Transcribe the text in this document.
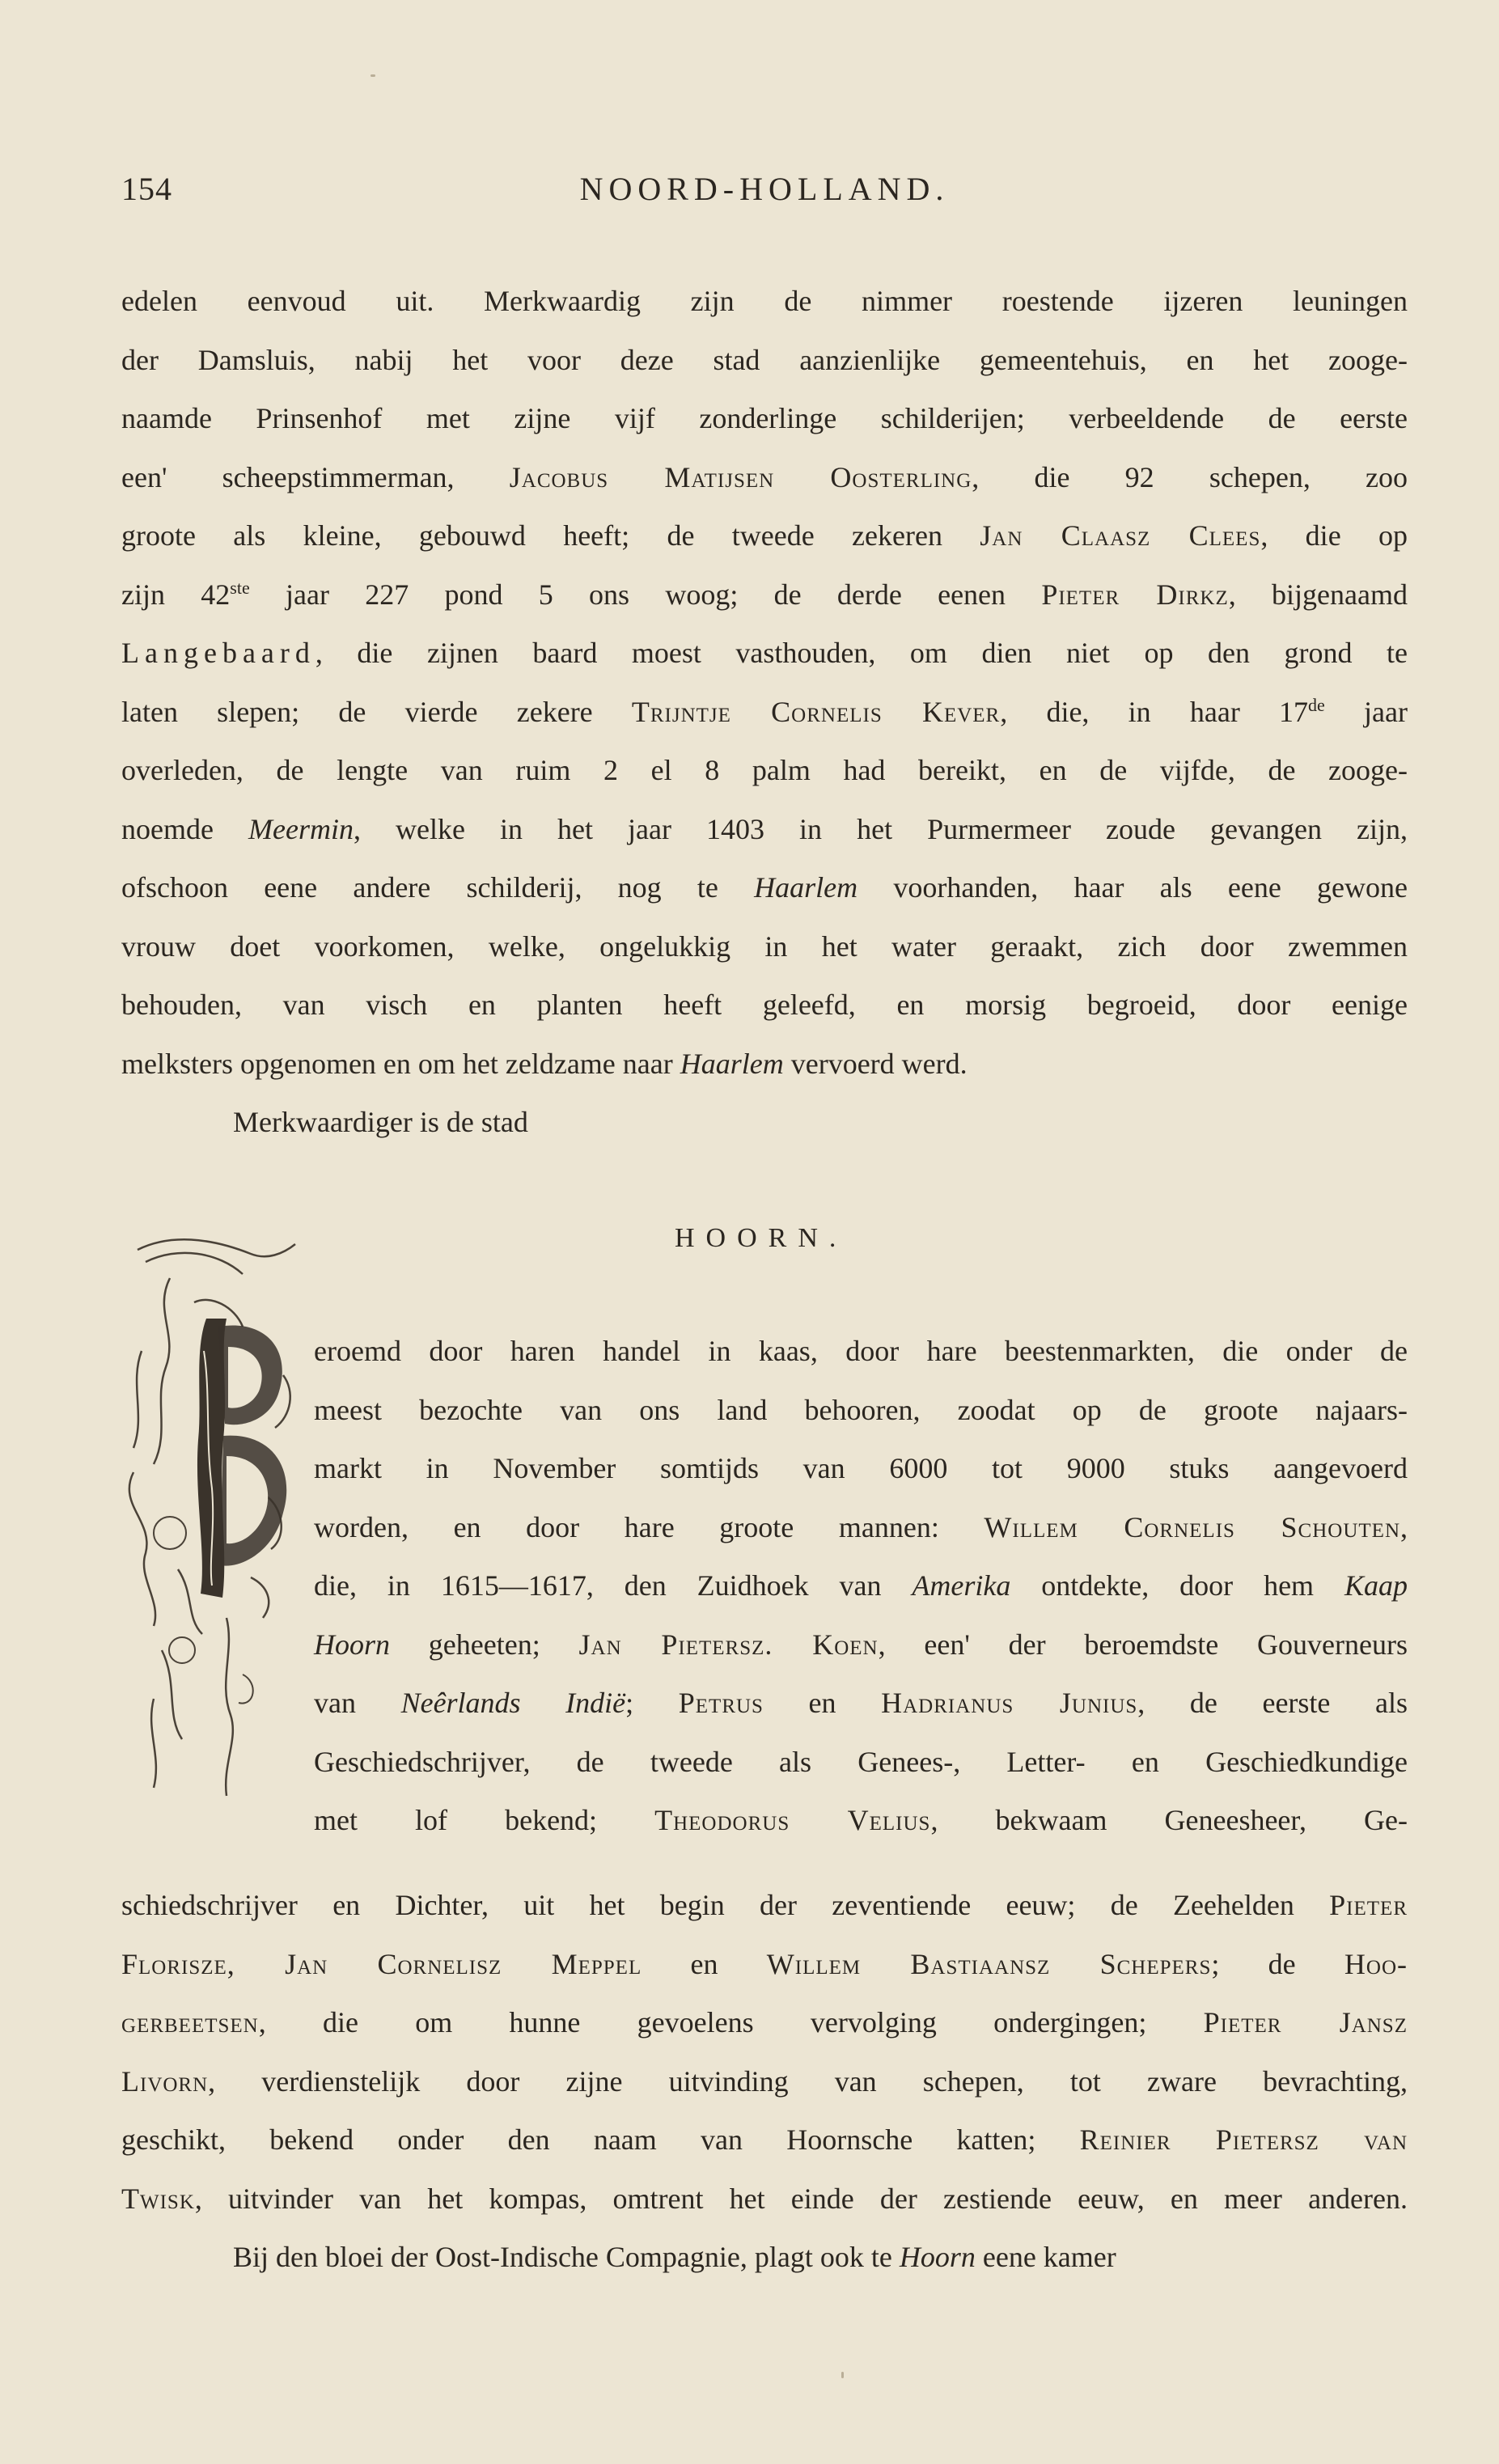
154	NOORD-HOLLAND.
edelen eenvoud uit. Merkwaardig zijn de nimmer roestende ijzeren leuningen
der Damsluis, nabij het voor deze stad aanzienlijke gemeentehuis, en het zooge-
naamde Prinsenhof met zijne vijf zonderlinge schilderijen; verbeeldende de eerste
een' scheepstimmerman, Jacobus Matijsen Oosterling, die 92 schepen, zoo
groote als kleine, gebouwd heeft; de tweede zekeren Jan Claasz Clees, die op
zijn 42ste jaar 227 pond 5 ons woog; de derde eenen Pieter Dirkz, bijgenaamd
Langebaard, die zijnen baard moest vasthouden, om dien niet op den grond te
laten slepen; de vierde zekere Trijntje Cornelis Kever, die, in haar 17de jaar
overleden, de lengte van ruim 2 el 8 palm had bereikt, en de vijfde, de zooge-
noemde Meermin, welke in het jaar 1403 in het Purmermeer zoude gevangen zijn,
ofschoon eene andere schilderij, nog te Haarlem voorhanden, haar als eene gewone
vrouw doet voorkomen, welke, ongelukkig in het water geraakt, zich door zwemmen
behouden, van visch en planten heeft geleefd, en morsig begroeid, door eenige
melksters opgenomen en om het zeldzame naar Haarlem vervoerd werd.
Merkwaardiger is de stad
HOORN.
eroemd door haren handel in kaas, door hare beestenmarkten, die onder de
meest bezochte van ons land behooren, zoodat op de groote najaars-
markt in November somtijds van 6000 tot 9000 stuks aangevoerd
worden, en door hare groote mannen: Willem Cornelis Schouten,
die, in 1615—1617, den Zuidhoek van Amerika ontdekte, door hem Kaap
Hoorn geheeten; Jan Pietersz. Koen, een' der beroemdste Gouverneurs
van Neêrlands Indië; Petrus en Hadrianus Junius, de eerste als
Geschiedschrijver, de tweede als Genees-, Letter- en Geschiedkundige
met lof bekend; Theodorus Velius, bekwaam Geneesheer, Ge-
schiedschrijver en Dichter, uit het begin der zeventiende eeuw; de Zeehelden Pieter
Florisze, Jan Cornelisz Meppel en Willem Bastiaansz Schepers; de Hoo-
gerbeetsen, die om hunne gevoelens vervolging ondergingen; Pieter Jansz
Livorn, verdienstelijk door zijne uitvinding van schepen, tot zware bevrachting,
geschikt, bekend onder den naam van Hoornsche katten; Reinier Pietersz van
Twisk, uitvinder van het kompas, omtrent het einde der zestiende eeuw, en meer anderen.
Bij den bloei der Oost-Indische Compagnie, plagt ook te Hoorn eene kamer
